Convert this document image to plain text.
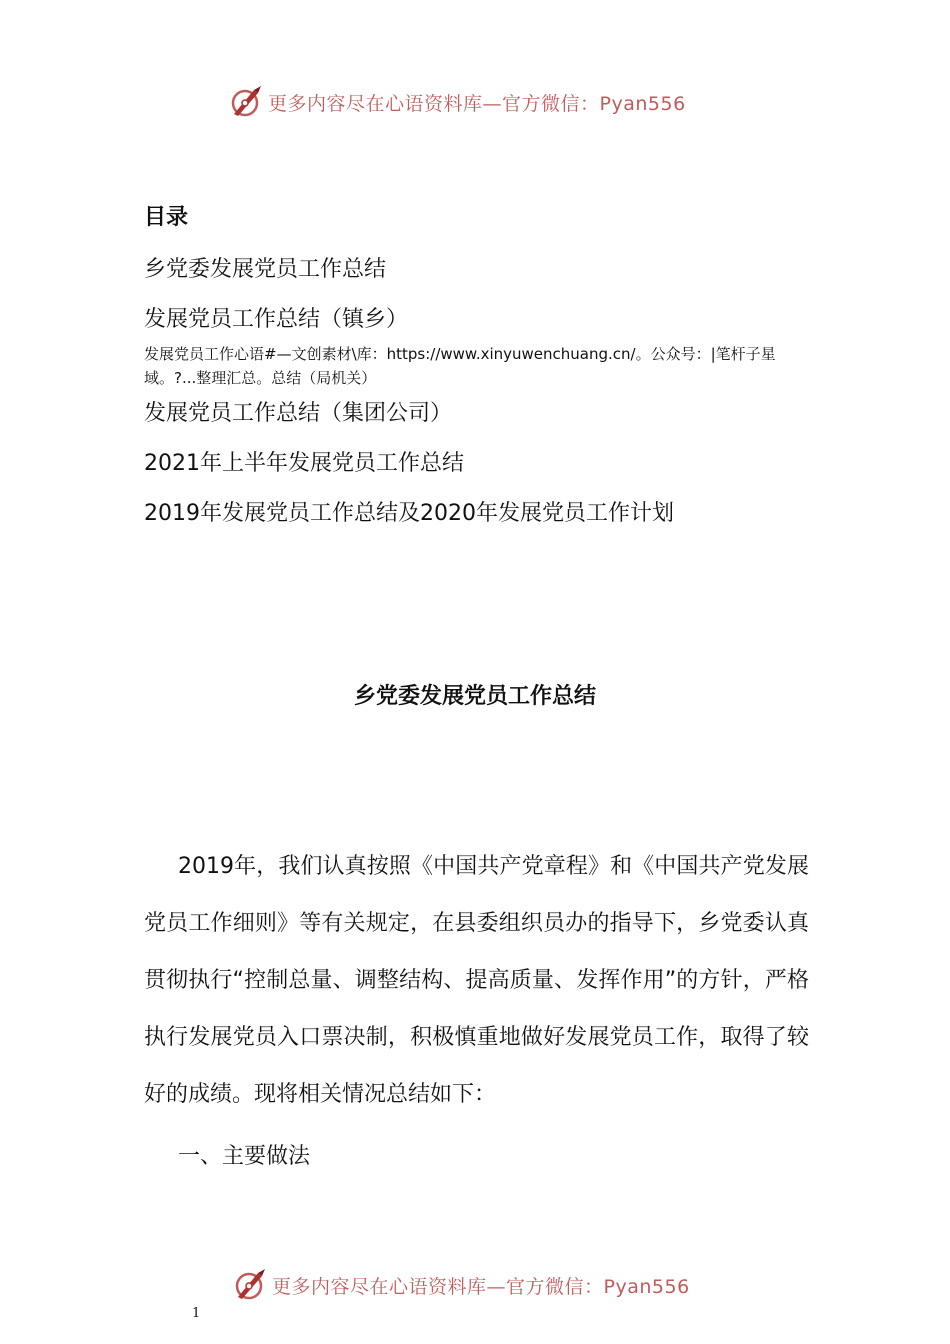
更多内容尽在心语资料库—官方微信：Pyan556
目录
乡党委发展党员工作总结
发展党员工作总结（镇乡）
发展党员工作心语#—文创素材\库：https://www.xinyuwenchuang.cn/。公众号：|笔杆子星域。?...整理汇总。总结（局机关）
发展党员工作总结（集团公司）
2021年上半年发展党员工作总结
2019年发展党员工作总结及2020年发展党员工作计划
乡党委发展党员工作总结

2019年，我们认真按照《中国共产党章程》和《中国共产党发展党员工作细则》等有关规定，在县委组织员办的指导下，乡党委认真贯彻执行“控制总量、调整结构、提高质量、发挥作用”的方针，严格执行发展党员入口票决制，积极慎重地做好发展党员工作，取得了较好的成绩。现将相关情况总结如下：

一、主要做法
更多内容尽在心语资料库—官方微信：Pyan556
1
